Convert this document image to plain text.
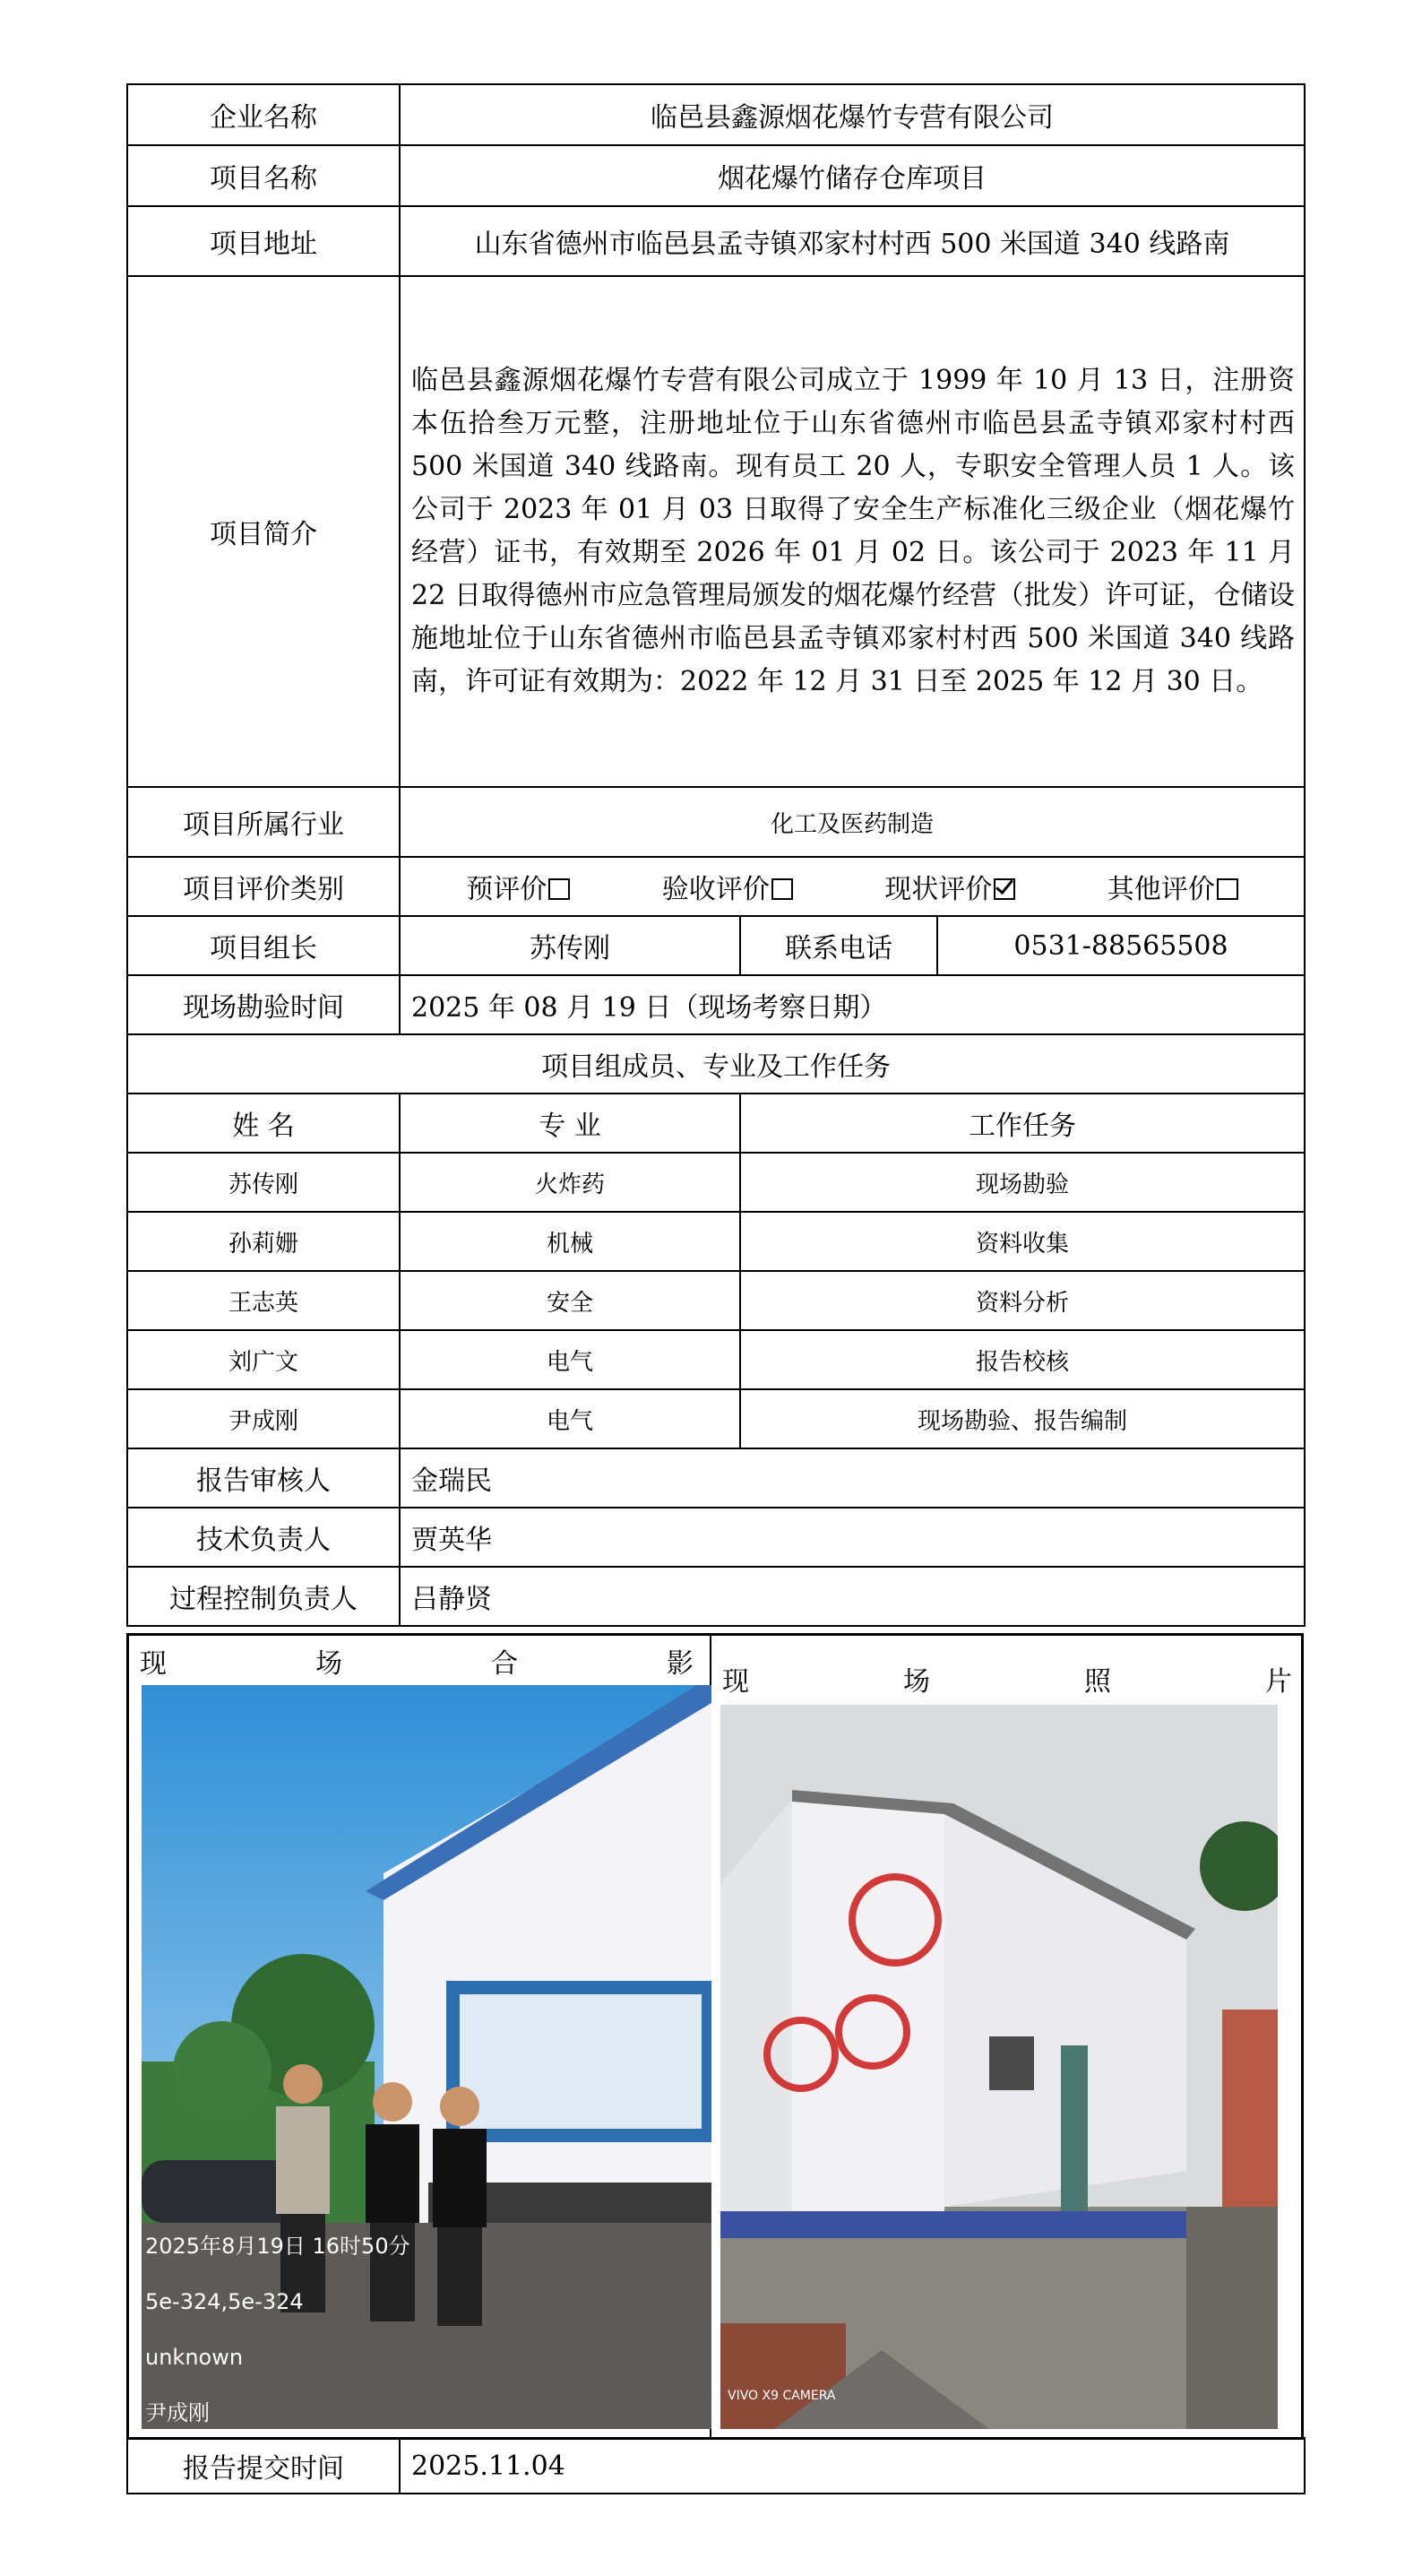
企业名称	临邑县鑫源烟花爆竹专营有限公司		
项目名称	烟花爆竹储存仓库项目		
项目地址	山东省德州市临邑县孟寺镇邓家村村西 500 米国道 340 线路南		
项目简介	临邑县鑫源烟花爆竹专营有限公司成立于 1999 年 10 月 13 日，注册资本伍拾叁万元整，注册地址位于山东省德州市临邑县孟寺镇邓家村村西 500 米国道 340 线路南。现有员工 20 人，专职安全管理人员 1 人。该公司于 2023 年 01 月 03 日取得了安全生产标准化三级企业（烟花爆竹经营）证书，有效期至 2026 年 01 月 02 日。该公司于 2023 年 11 月 22 日取得德州市应急管理局颁发的烟花爆竹经营（批发）许可证，仓储设施地址位于山东省德州市临邑县孟寺镇邓家村村西 500 米国道 340 线路南，许可证有效期为：2022 年 12 月 31 日至 2025 年 12 月 30 日。		
项目所属行业	化工及医药制造		
项目评价类别	预评价 验收评价 现状评价 其他评价		

项目组长	苏传刚	联系电话	0531-88565508
现场勘验时间	2025 年 08 月 19 日（现场考察日期）		
项目组成员、专业及工作任务			
姓 名	专 业	工作任务	
苏传刚	火炸药	现场勘验	
孙莉姗	机械	资料收集	
王志英	安全	资料分析	
刘广文	电气	报告校核	
尹成刚	电气	现场勘验、报告编制	
报告审核人	金瑞民		
技术负责人	贾英华		
过程控制负责人	吕静贤		
现	场	合	影
2025年8月19日 16时50分
5e-324,5e-324
unknown
尹成刚
现	场	照	片
VIVO X9 CAMERA
报告提交时间	2025.11.04
